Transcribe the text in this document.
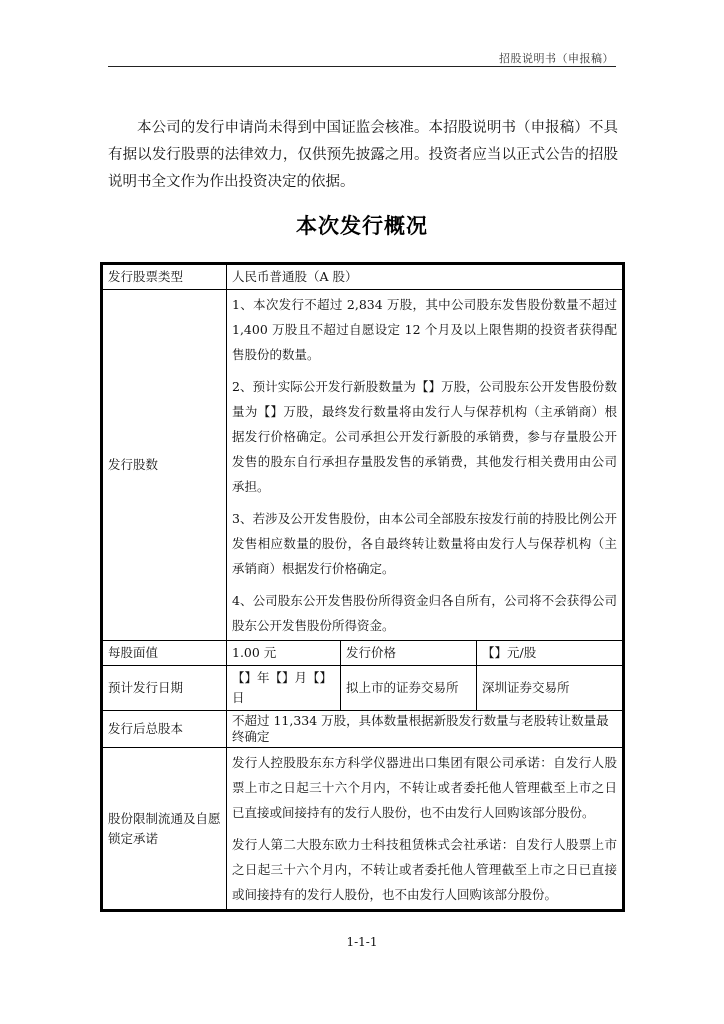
招股说明书（申报稿）
本公司的发行申请尚未得到中国证监会核准。本招股说明书（申报稿）不具有据以发行股票的法律效力，仅供预先披露之用。投资者应当以正式公告的招股说明书全文作为作出投资决定的依据。
本次发行概况
发行股票类型	人民币普通股（A 股）		
发行股数	1、本次发行不超过 2,834 万股，其中公司股东发售股份数量不超过 1,400 万股且不超过自愿设定 12 个月及以上限售期的投资者获得配售股份的数量。

2、预计实际公开发行新股数量为【】万股，公司股东公开发售股份数量为【】万股，最终发行数量将由发行人与保荐机构（主承销商）根据发行价格确定。公司承担公开发行新股的承销费，参与存量股公开发售的股东自行承担存量股发售的承销费，其他发行相关费用由公司承担。

3、若涉及公开发售股份，由本公司全部股东按发行前的持股比例公开发售相应数量的股份，各自最终转让数量将由发行人与保荐机构（主承销商）根据发行价格确定。

4、公司股东公开发售股份所得资金归各自所有，公司将不会获得公司股东公开发售股份所得资金。		

每股面值	1.00 元	发行价格	【】元/股
预计发行日期	【】年【】月【】日	拟上市的证券交易所	深圳证券交易所
发行后总股本	不超过 11,334 万股，具体数量根据新股发行数量与老股转让数量最终确定		
股份限制流通及自愿锁定承诺	发行人控股股东东方科学仪器进出口集团有限公司承诺：自发行人股票上市之日起三十六个月内，不转让或者委托他人管理截至上市之日已直接或间接持有的发行人股份，也不由发行人回购该部分股份。

发行人第二大股东欧力士科技租赁株式会社承诺：自发行人股票上市之日起三十六个月内，不转让或者委托他人管理截至上市之日已直接或间接持有的发行人股份，也不由发行人回购该部分股份。		

1-1-1
